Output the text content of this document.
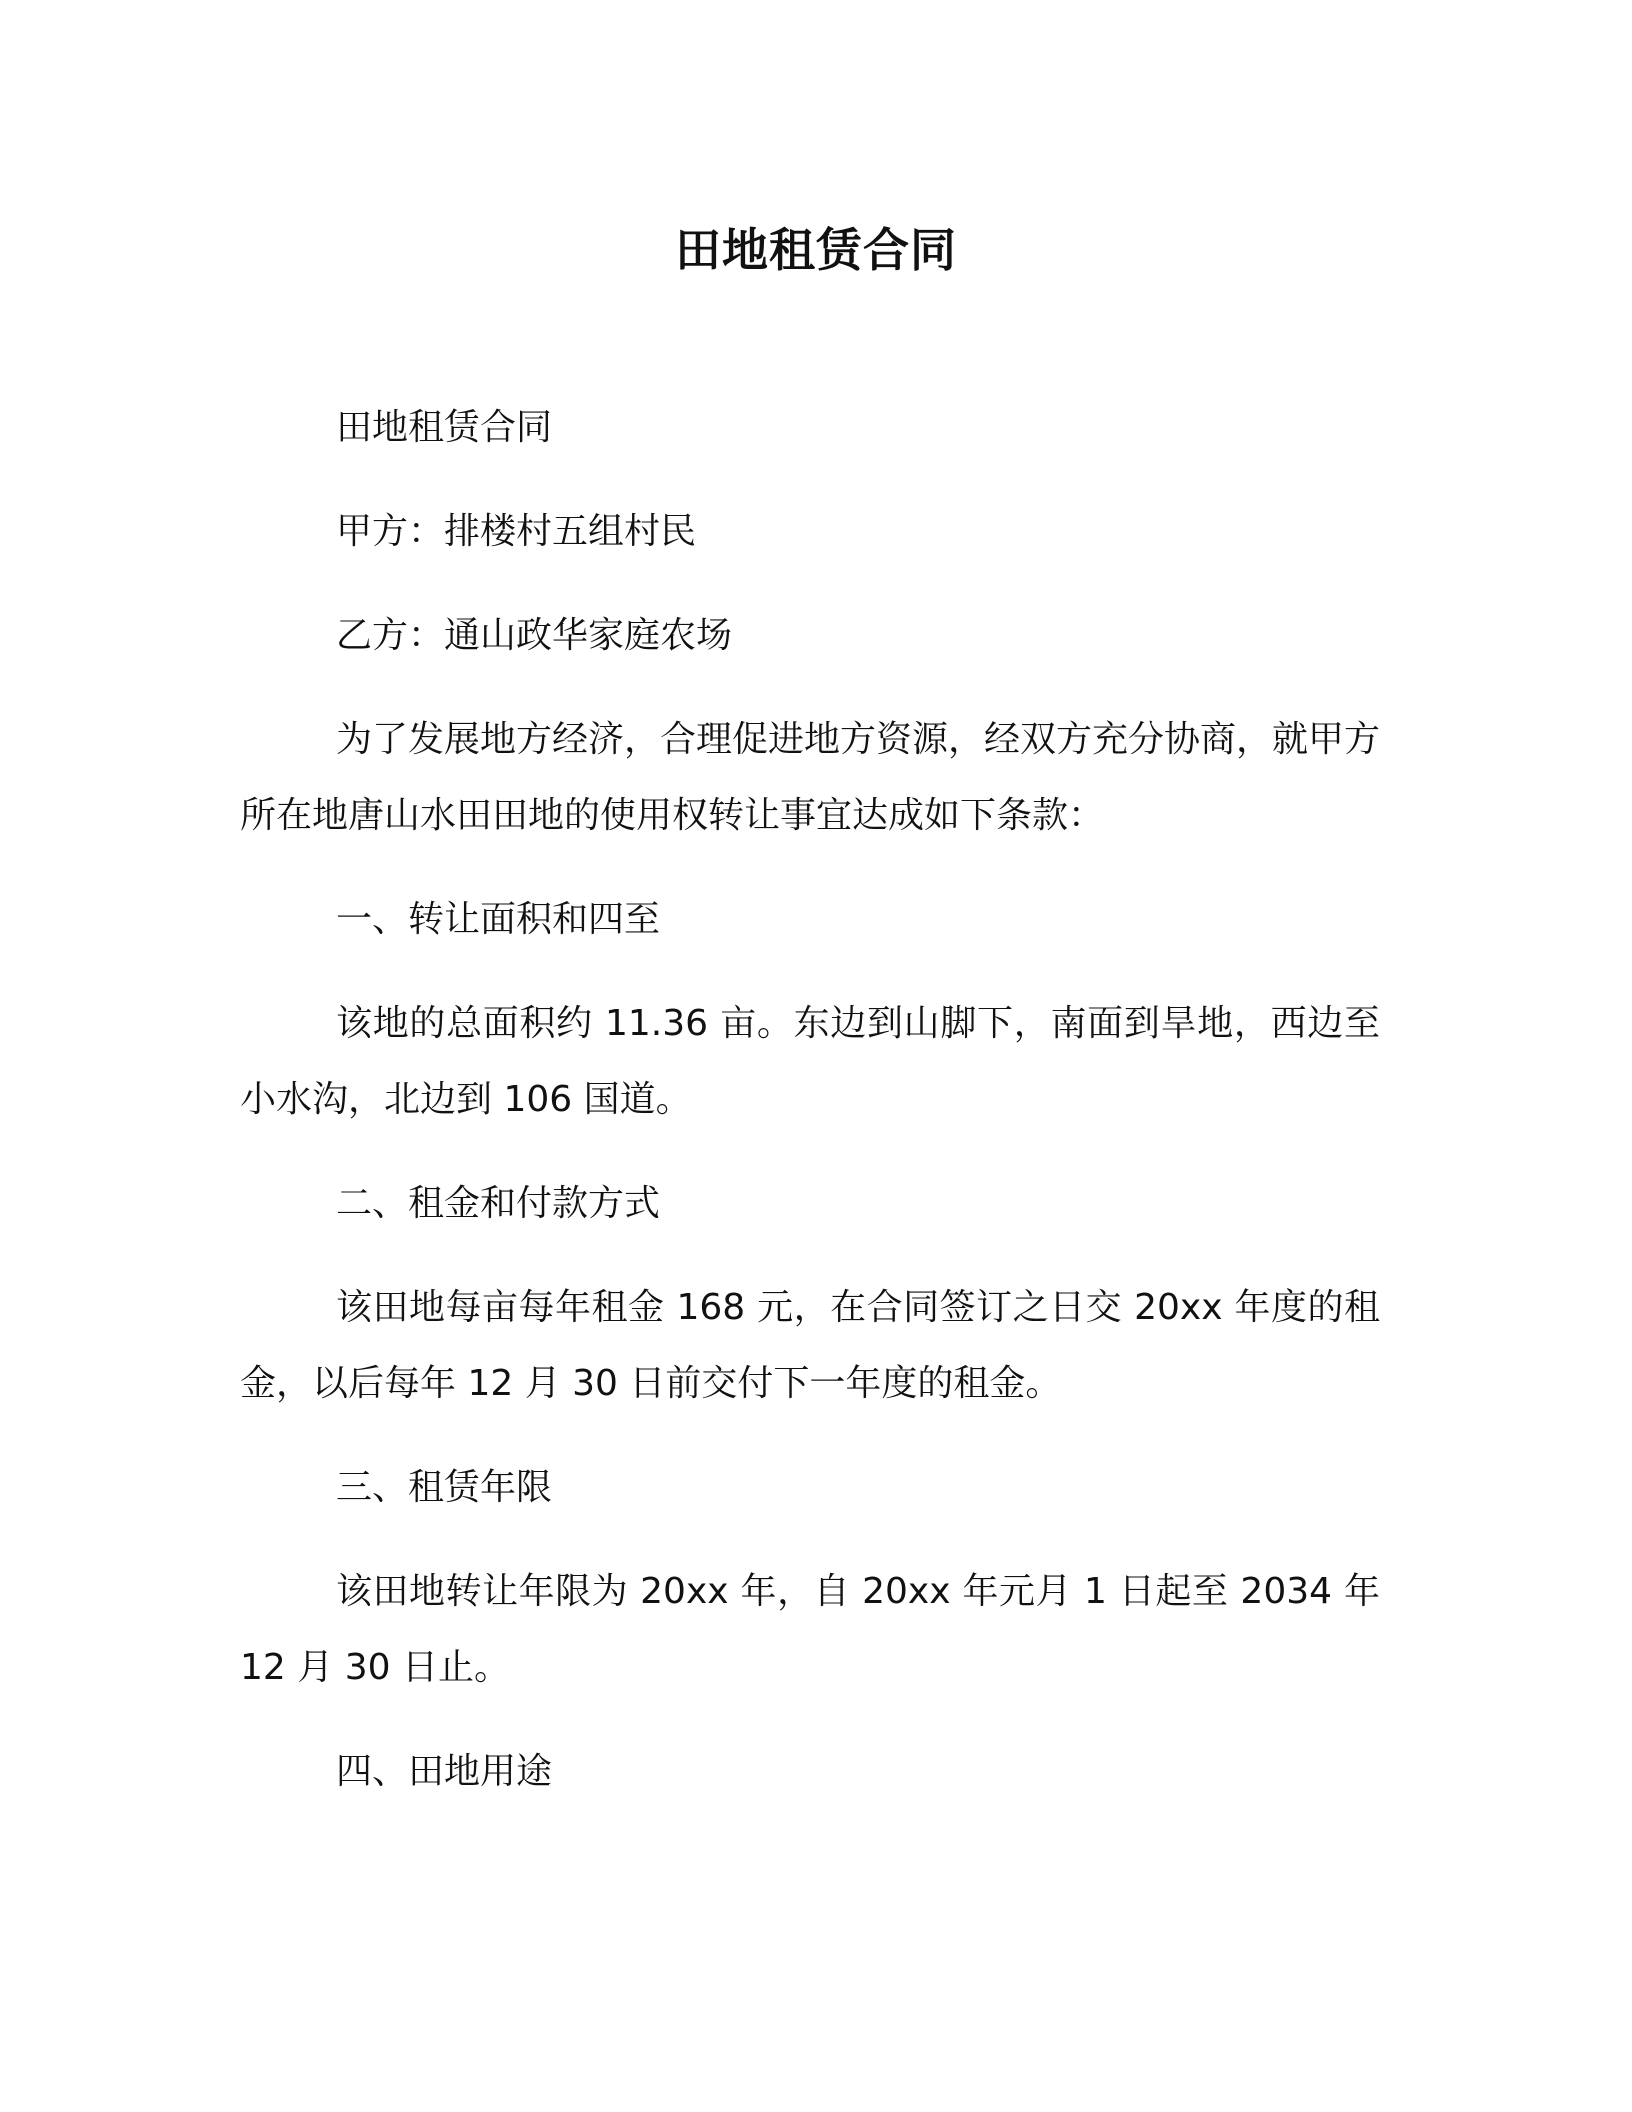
田地租赁合同

田地租赁合同

甲方：排楼村五组村民

乙方：通山政华家庭农场

为了发展地方经济，合理促进地方资源，经双方充分协商，就甲方所在地唐山水田田地的使用权转让事宜达成如下条款：

一、转让面积和四至

该地的总面积约 11.36 亩。东边到山脚下，南面到旱地，西边至小水沟，北边到 106 国道。

二、租金和付款方式

该田地每亩每年租金 168 元，在合同签订之日交 20xx 年度的租金，以后每年 12 月 30 日前交付下一年度的租金。

三、租赁年限

该田地转让年限为 20xx 年，自 20xx 年元月 1 日起至 2034 年 12 月 30 日止。

四、田地用途
